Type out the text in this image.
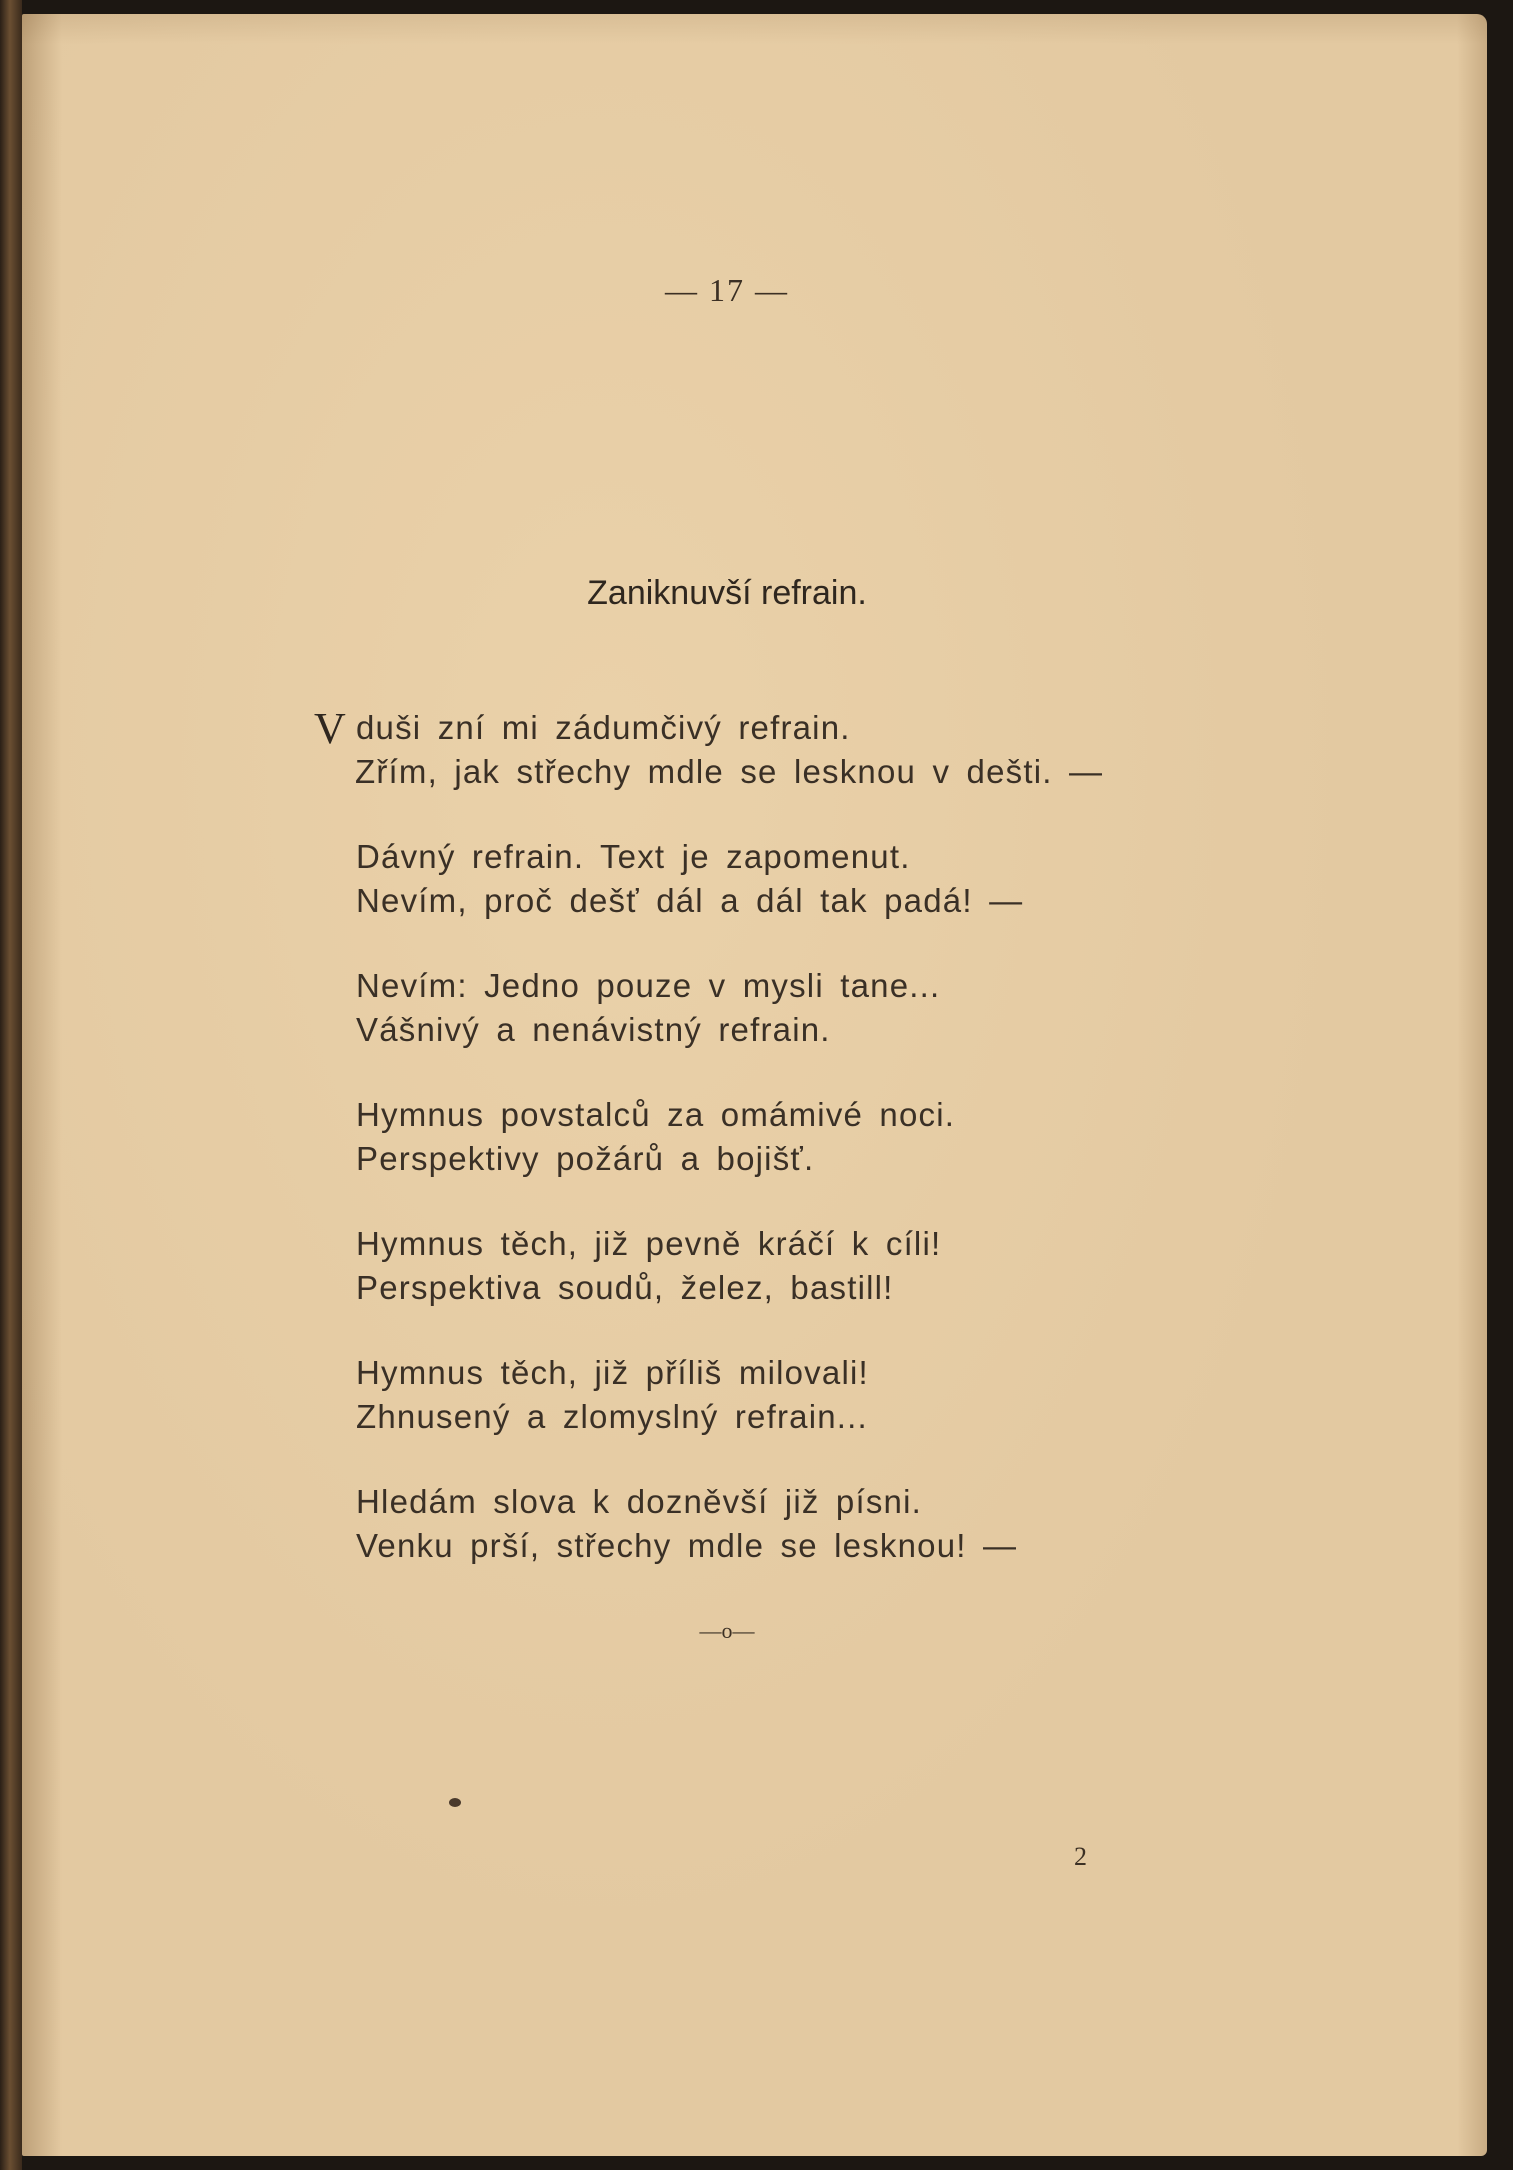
— 17 —
Zaniknuvší refrain.
V duši zní mi zádumčivý refrain.
Zřím, jak střechy mdle se lesknou v dešti. —
Dávný refrain. Text je zapomenut.
Nevím, proč dešť dál a dál tak padá! —
Nevím: Jedno pouze v mysli tane...
Vášnivý a nenávistný refrain.
Hymnus povstalců za omámivé noci.
Perspektivy požárů a bojišť.
Hymnus těch, již pevně kráčí k cíli!
Perspektiva soudů, želez, bastill!
Hymnus těch, již příliš milovali!
Zhnusený a zlomyslný refrain...
Hledám slova k dozněvší již písni.
Venku prší, střechy mdle se lesknou! —
—o—
2
